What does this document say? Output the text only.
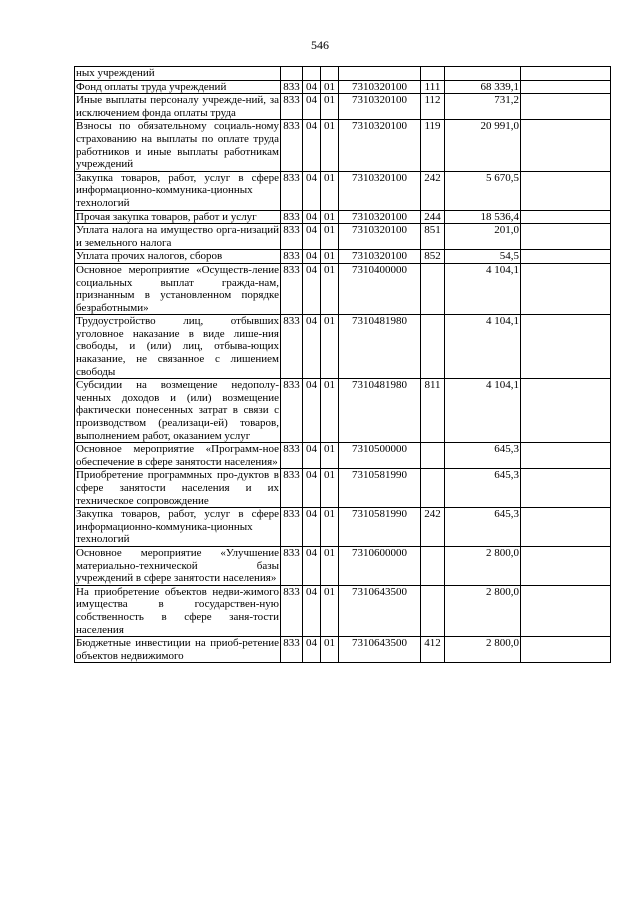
546
ных учреждений							
Фонд оплаты труда учреждений	833	04	01	7310320100	111	68 339,1	
Иные выплаты персоналу учрежде-ний, за исключением фонда оплаты труда	833	04	01	7310320100	112	731,2	
Взносы по обязательному социаль-ному страхованию на выплаты по оплате труда работников и иные выплаты работникам учреждений	833	04	01	7310320100	119	20 991,0	
Закупка товаров, работ, услуг в сфере информационно-коммуника-ционных технологий	833	04	01	7310320100	242	5 670,5	
Прочая закупка товаров, работ и услуг	833	04	01	7310320100	244	18 536,4	
Уплата налога на имущество орга-низаций и земельного налога	833	04	01	7310320100	851	201,0	
Уплата прочих налогов, сборов	833	04	01	7310320100	852	54,5	
Основное мероприятие «Осуществ-ление социальных выплат гражда-нам, признанным в установленном порядке безработными»	833	04	01	7310400000		4 104,1	
Трудоустройство лиц, отбывших уголовное наказание в виде лише-ния свободы, и (или) лиц, отбыва-ющих наказание, не связанное с лишением свободы	833	04	01	7310481980		4 104,1	
Субсидии на возмещение недополу-ченных доходов и (или) возмещение фактически понесенных затрат в связи с производством (реализаци-ей) товаров, выполнением работ, оказанием услуг	833	04	01	7310481980	811	4 104,1	
Основное мероприятие «Программ-ное обеспечение в сфере занятости населения»	833	04	01	7310500000		645,3	
Приобретение программных про-дуктов в сфере занятости населения и их техническое сопровождение	833	04	01	7310581990		645,3	
Закупка товаров, работ, услуг в сфере информационно-коммуника-ционных технологий	833	04	01	7310581990	242	645,3	
Основное мероприятие «Улучшение материально-технической базы учреждений в сфере занятости населения»	833	04	01	7310600000		2 800,0	
На приобретение объектов недви-жимого имущества в государствен-ную собственность в сфере заня-тости населения	833	04	01	7310643500		2 800,0	
Бюджетные инвестиции на приоб-ретение объектов недвижимого	833	04	01	7310643500	412	2 800,0	
